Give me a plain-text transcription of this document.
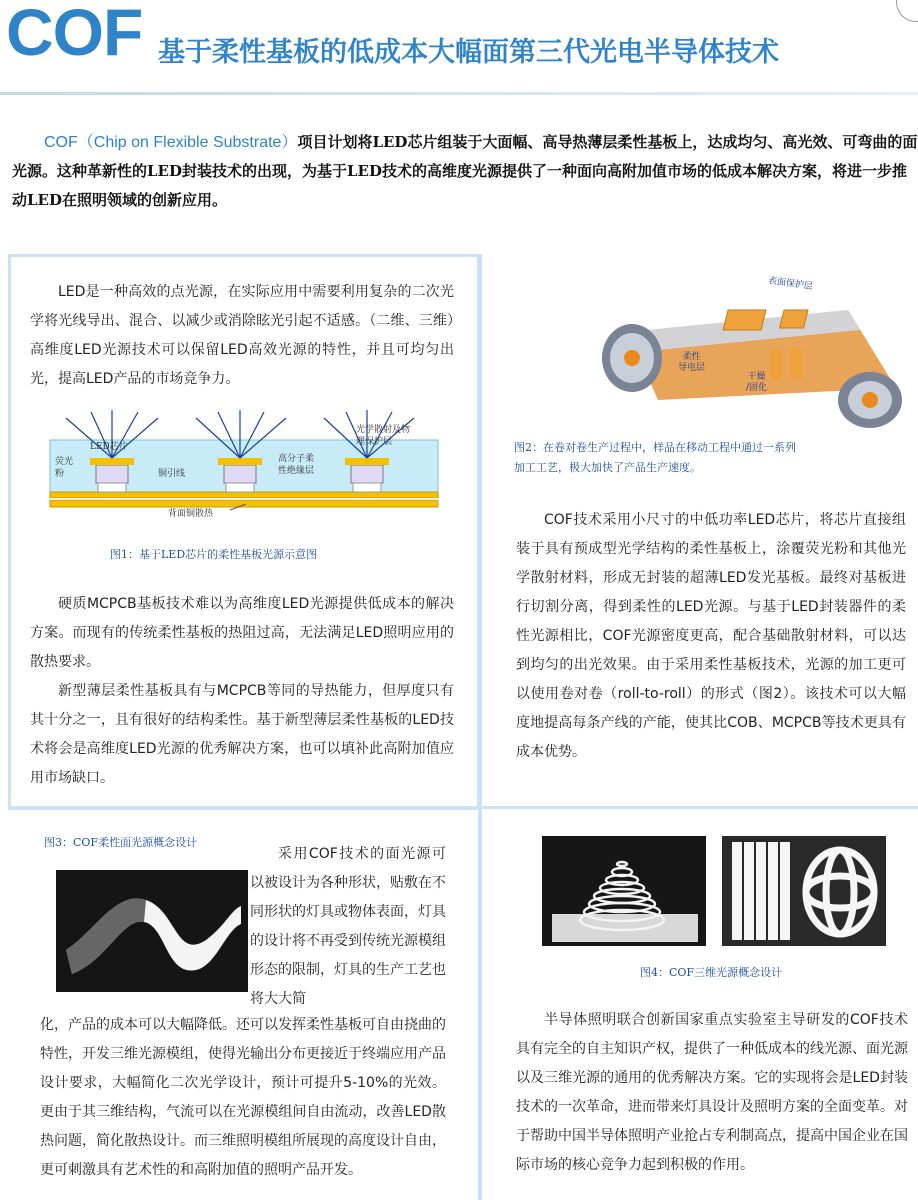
COF 基于柔性基板的低成本大幅面第三代光电半导体技术
COF（Chip on Flexible Substrate）项目计划将LED芯片组装于大面幅、高导热薄层柔性基板上，达成均匀、高光效、可弯曲的面光源。这种革新性的LED封装技术的出现，为基于LED技术的高维度光源提供了一种面向高附加值市场的低成本解决方案，将进一步推动LED在照明领域的创新应用。

LED是一种高效的点光源，在实际应用中需要利用复杂的二次光学将光线导出、混合、以减少或消除眩光引起不适感。（二维、三维）高维度LED光源技术可以保留LED高效光源的特性，并且可均匀出光，提高LED产品的市场竞争力。

LED芯片
荧光
粉	铜引线
高分子柔
性绝缘层
光学散射及物
理保护层
背面铜散热
图1：基于LED芯片的柔性基板光源示意图

硬质MCPCB基板技术难以为高维度LED光源提供低成本的解决方案。而现有的传统柔性基板的热阻过高，无法满足LED照明应用的散热要求。

新型薄层柔性基板具有与MCPCB等同的导热能力，但厚度只有其十分之一，且有很好的结构柔性。基于新型薄层柔性基板的LED技术将会是高维度LED光源的优秀解决方案，也可以填补此高附加值应用市场缺口。

表面保护层
柔性
导电层
干燥
/固化
图2：在卷对卷生产过程中，样品在移动工程中通过一系列加工工艺，极大加快了产品生产速度。

COF技术采用小尺寸的中低功率LED芯片，将芯片直接组装于具有预成型光学结构的柔性基板上，涂覆荧光粉和其他光学散射材料，形成无封装的超薄LED发光基板。最终对基板进行切割分离，得到柔性的LED光源。与基于LED封装器件的柔性光源相比，COF光源密度更高，配合基础散射材料，可以达到均匀的出光效果。由于采用柔性基板技术，光源的加工更可以使用卷对卷（roll-to-roll）的形式（图2）。该技术可以大幅度地提高每条产线的产能，使其比COB、MCPCB等技术更具有成本优势。

图3：COF柔性面光源概念设计
采用COF技术的面光源可以被设计为各种形状，贴敷在不同形状的灯具或物体表面，灯具的设计将不再受到传统光源模组形态的限制，灯具的生产工艺也将大大简
化，产品的成本可以大幅降低。还可以发挥柔性基板可自由挠曲的特性，开发三维光源模组，使得光输出分布更接近于终端应用产品设计要求，大幅简化二次光学设计，预计可提升5-10%的光效。更由于其三维结构，气流可以在光源模组间自由流动，改善LED散热问题，简化散热设计。而三维照明模组所展现的高度设计自由，更可刺激具有艺术性的和高附加值的照明产品开发。
图4：COF三维光源概念设计

半导体照明联合创新国家重点实验室主导研发的COF技术具有完全的自主知识产权，提供了一种低成本的线光源、面光源以及三维光源的通用的优秀解决方案。它的实现将会是LED封装技术的一次革命，进而带来灯具设计及照明方案的全面变革。对于帮助中国半导体照明产业抢占专利制高点，提高中国企业在国际市场的核心竞争力起到积极的作用。
